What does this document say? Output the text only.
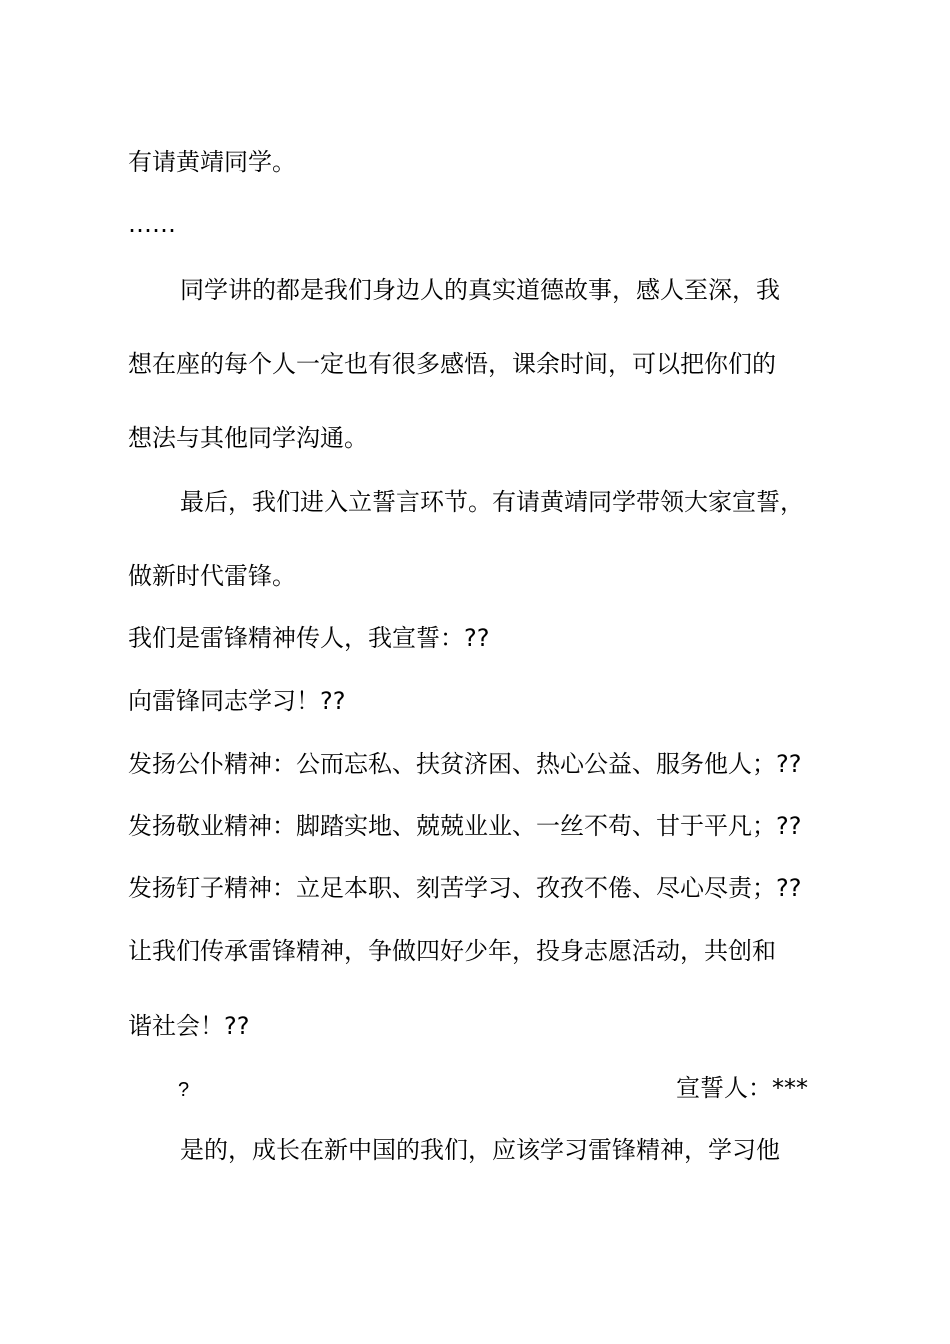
有请黄靖同学。

……

同学讲的都是我们身边人的真实道德故事，感人至深，我

想在座的每个人一定也有很多感悟，课余时间，可以把你们的

想法与其他同学沟通。

最后，我们进入立誓言环节。有请黄靖同学带领大家宣誓，

做新时代雷锋。

我们是雷锋精神传人，我宣誓：??

向雷锋同志学习！??

发扬公仆精神：公而忘私、扶贫济困、热心公益、服务他人；??

发扬敬业精神：脚踏实地、兢兢业业、一丝不苟、甘于平凡；??

发扬钉子精神：立足本职、刻苦学习、孜孜不倦、尽心尽责；??

让我们传承雷锋精神，争做四好少年，投身志愿活动，共创和

谐社会！??

?	宣誓人：***

是的，成长在新中国的我们，应该学习雷锋精神，学习他
